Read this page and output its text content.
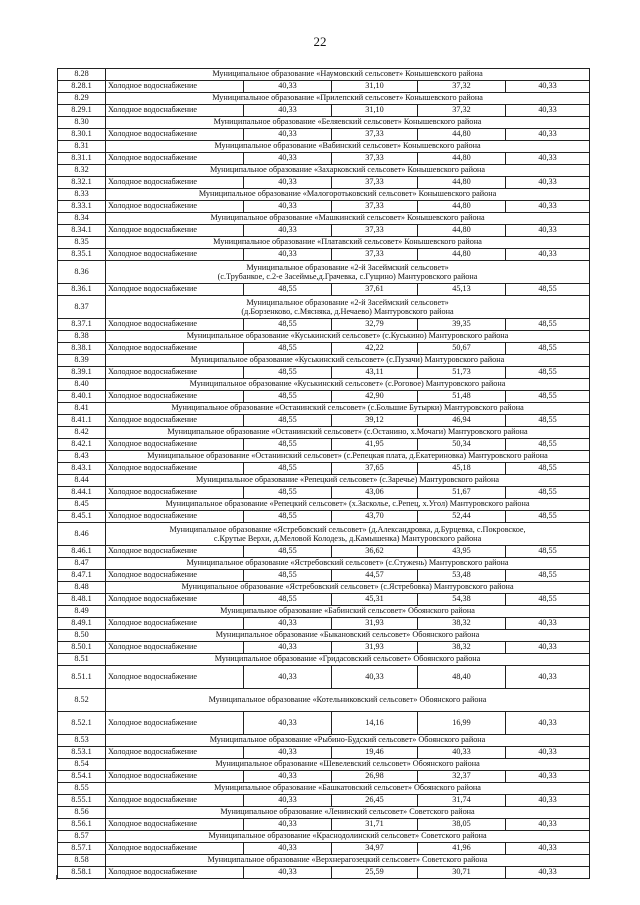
22
8.28	Муниципальное образование «Наумовский сельсовет» Конышевского района				
8.28.1	Холодное водоснабжение	40,33	31,10	37,32	40,33
8.29	Муниципальное образование «Прилепский сельсовет» Конышевского района				
8.29.1	Холодное водоснабжение	40,33	31,10	37,32	40,33
8.30	Муниципальное образование «Беляевский сельсовет» Конышевского района				
8.30.1	Холодное водоснабжение	40,33	37,33	44,80	40,33
8.31	Муниципальное образование «Вабинский сельсовет» Конышевского района				
8.31.1	Холодное водоснабжение	40,33	37,33	44,80	40,33
8.32	Муниципальное образование «Захарковский сельсовет» Конышевского района				
8.32.1	Холодное водоснабжение	40,33	37,33	44,80	40,33
8.33	Муниципальное образование «Малогоротьковский сельсовет» Конышевского района				
8.33.1	Холодное водоснабжение	40,33	37,33	44,80	40,33
8.34	Муниципальное образование «Машкинский сельсовет» Конышевского района				
8.34.1	Холодное водоснабжение	40,33	37,33	44,80	40,33
8.35	Муниципальное образование «Платавский сельсовет» Конышевского района				
8.35.1	Холодное водоснабжение	40,33	37,33	44,80	40,33
8.36	Муниципальное образование «2-й Засеймский сельсовет»
(с.Трубанкое, с.2-е Засеймье,д.Грачевка, с.Гущино) Мантуровского района				
8.36.1	Холодное водоснабжение	48,55	37,61	45,13	48,55
8.37	Муниципальное образование «2-й Засеймский сельсовет»
(д.Борзенково, с.Мясняка, д.Нечаево) Мантуровского района				
8.37.1	Холодное водоснабжение	48,55	32,79	39,35	48,55
8.38	Муниципальное образование «Куськинский сельсовет» (с.Куськино) Мантуровского района				
8.38.1	Холодное водоснабжение	48,55	42,22	50,67	48,55
8.39	Муниципальное образование «Куськинский сельсовет» (с.Пузачи) Мантуровского района				
8.39.1	Холодное водоснабжение	48,55	43,11	51,73	48,55
8.40	Муниципальное образование «Куськинский сельсовет» (с.Роговое) Мантуровского района				
8.40.1	Холодное водоснабжение	48,55	42,90	51,48	48,55
8.41	Муниципальное образование «Останинский сельсовет» (с.Большие Бутырки) Мантуровского района				
8.41.1	Холодное водоснабжение	48,55	39,12	46,94	48,55
8.42	Муниципальное образование «Останинский сельсовет» (с.Останино, х.Мочаги) Мантуровского района				
8.42.1	Холодное водоснабжение	48,55	41,95	50,34	48,55
8.43	Муниципальное образование «Останинский сельсовет» (с.Репецкая плата, д.Екатериновка) Мантуровского района				
8.43.1	Холодное водоснабжение	48,55	37,65	45,18	48,55
8.44	Муниципальное образование «Репецкий сельсовет» (с.Заречье) Мантуровского района				
8.44.1	Холодное водоснабжение	48,55	43,06	51,67	48,55
8.45	Муниципальное образование «Репецкий сельсовет» (х.Засколье, с.Репец, х.Угол) Мантуровского района				
8.45.1	Холодное водоснабжение	48,55	43,70	52,44	48,55
8.46	Муниципальное образование «Ястребовский сельсовет» (д.Александровка, д.Бурцевка, с.Покровское,
с.Крутые Верхи, д.Меловой Колодезь, д.Камышенка) Мантуровского района				
8.46.1	Холодное водоснабжение	48,55	36,62	43,95	48,55
8.47	Муниципальное образование «Ястребовский сельсовет» (с.Стужень) Мантуровского района				
8.47.1	Холодное водоснабжение	48,55	44,57	53,48	48,55
8.48	Муниципальное образование «Ястребовский сельсовет» (с.Ястребовка) Мантуровского района				
8.48.1	Холодное водоснабжение	48,55	45,31	54,38	48,55
8.49	Муниципальное образование «Бабинский сельсовет» Обоянского района				
8.49.1	Холодное водоснабжение	40,33	31,93	38,32	40,33
8.50	Муниципальное образование «Быкановский сельсовет» Обоянского района				
8.50.1	Холодное водоснабжение	40,33	31,93	38,32	40,33
8.51	Муниципальное образование «Гридасовский сельсовет» Обоянского района				
8.51.1	Холодное водоснабжение	40,33	40,33	48,40	40,33
8.52	Муниципальное образование «Котельниковский сельсовет» Обоянского района				
8.52.1	Холодное водоснабжение	40,33	14,16	16,99	40,33
8.53	Муниципальное образование «Рыбино-Будский сельсовет» Обоянского района				
8.53.1	Холодное водоснабжение	40,33	19,46	40,33	40,33
8.54	Муниципальное образование «Шевелевский сельсовет» Обоянского района				
8.54.1	Холодное водоснабжение	40,33	26,98	32,37	40,33
8.55	Муниципальное образование «Башкатовский сельсовет» Обоянского района				
8.55.1	Холодное водоснабжение	40,33	26,45	31,74	40,33
8.56	Муниципальное образование «Ленинский сельсовет» Советского района				
8.56.1	Холодное водоснабжение	40,33	31,71	38,05	40,33
8.57	Муниципальное образование «Краснодолинский сельсовет» Советского района				
8.57.1	Холодное водоснабжение	40,33	34,97	41,96	40,33
8.58	Муниципальное образование «Верхнерагозецкий сельсовет» Советского района				
8.58.1	Холодное водоснабжение	40,33	25,59	30,71	40,33
